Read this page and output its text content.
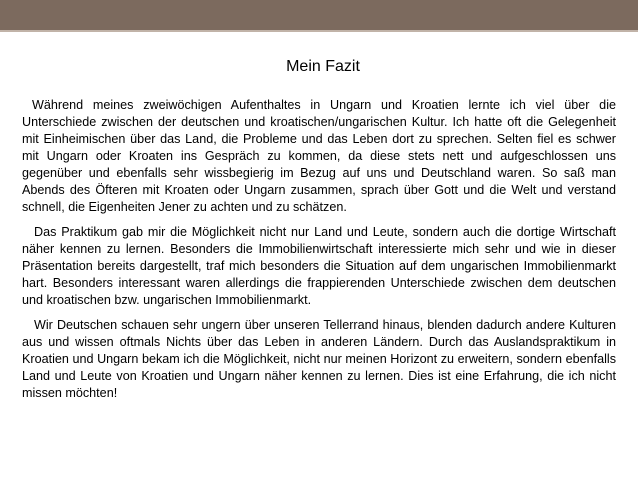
Mein Fazit

Während meines zweiwöchigen Aufenthaltes in Ungarn und Kroatien lernte ich viel über die Unterschiede zwischen der deutschen und kroatischen/ungarischen Kultur. Ich hatte oft die Gelegenheit mit Einheimischen über das Land, die Probleme und das Leben dort zu sprechen. Selten fiel es schwer mit Ungarn oder Kroaten ins Gespräch zu kommen, da diese stets nett und aufgeschlossen uns gegenüber und ebenfalls sehr wissbegierig im Bezug auf uns und Deutschland waren. So saß man Abends des Öfteren mit Kroaten oder Ungarn zusammen, sprach über Gott und die Welt und verstand schnell, die Eigenheiten Jener zu achten und zu schätzen.

Das Praktikum gab mir die Möglichkeit nicht nur Land und Leute, sondern auch die dortige Wirtschaft näher kennen zu lernen. Besonders die Immobilienwirtschaft interessierte mich sehr und wie in dieser Präsentation bereits dargestellt, traf mich besonders die Situation auf dem ungarischen Immobilienmarkt hart. Besonders interessant waren allerdings die frappierenden Unterschiede zwischen dem deutschen und kroatischen bzw. ungarischen Immobilienmarkt.

Wir Deutschen schauen sehr ungern über unseren Tellerrand hinaus, blenden dadurch andere Kulturen aus und wissen oftmals Nichts über das Leben in anderen Ländern. Durch das Auslandspraktikum in Kroatien und Ungarn bekam ich die Möglichkeit, nicht nur meinen Horizont zu erweitern, sondern ebenfalls Land und Leute von Kroatien und Ungarn näher kennen zu lernen. Dies ist eine Erfahrung, die ich nicht missen möchten!
